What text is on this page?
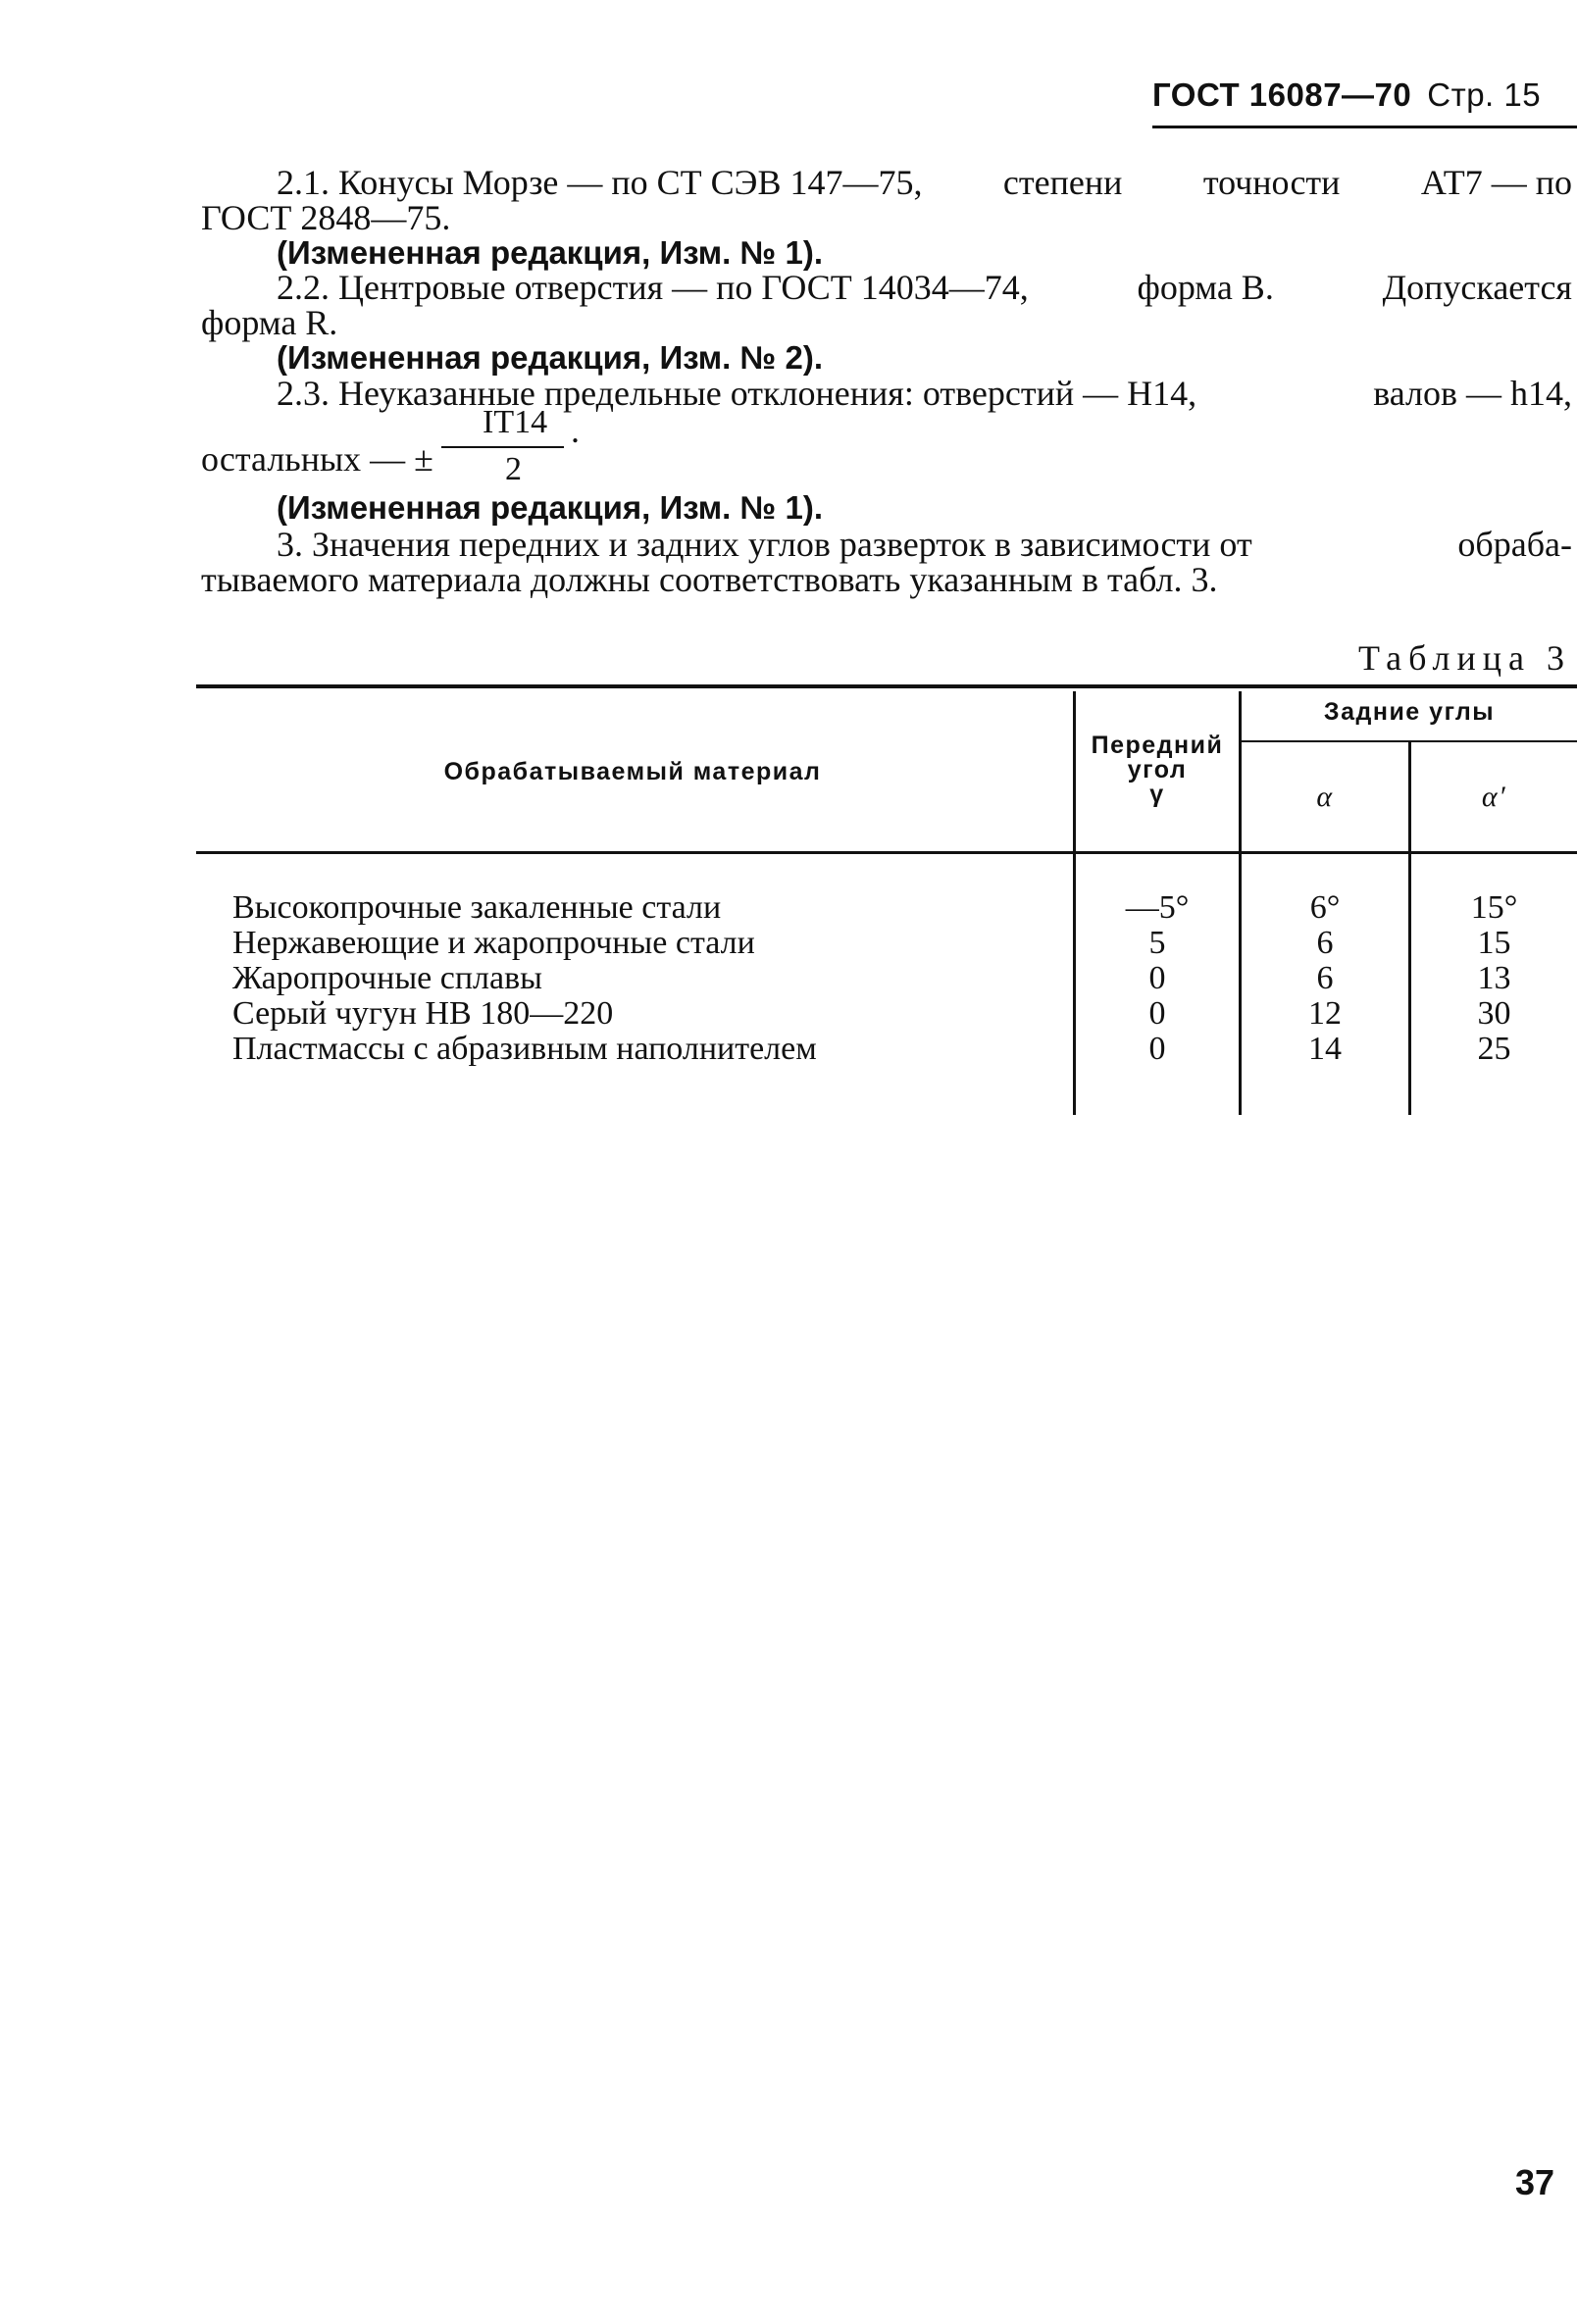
ГОСТ 16087—70 Стр. 15
2.1. Конусы Морзе — по СТ СЭВ 147—75, степени точности АТ7 — по
ГОСТ 2848—75.
(Измененная редакция, Изм. № 1).
2.2. Центровые отверстия — по ГОСТ 14034—74,	форма В.	Допускается
форма R.
(Измененная редакция, Изм. № 2).
2.3. Неуказанные предельные отклонения: отверстий — Н14,	валов — h14,
остальных — ±
IT14
2
.
(Измененная редакция, Изм. № 1).
3. Значения передних и задних углов разверток в зависимости от	обраба-
тываемого материала должны соответствовать указанным в табл. 3.
Таблица 3
Обрабатываемый материал
Передний
угол
γ
Задние углы
α	α′
Высокопрочные закаленные стали	—5°	6°	15°
Нержавеющие и жаропрочные стали	5	6	15
Жаропрочные сплавы	0	6	13
Серый чугун НВ 180—220	0	12	30
Пластмассы с абразивным наполнителем	0	14	25
37
